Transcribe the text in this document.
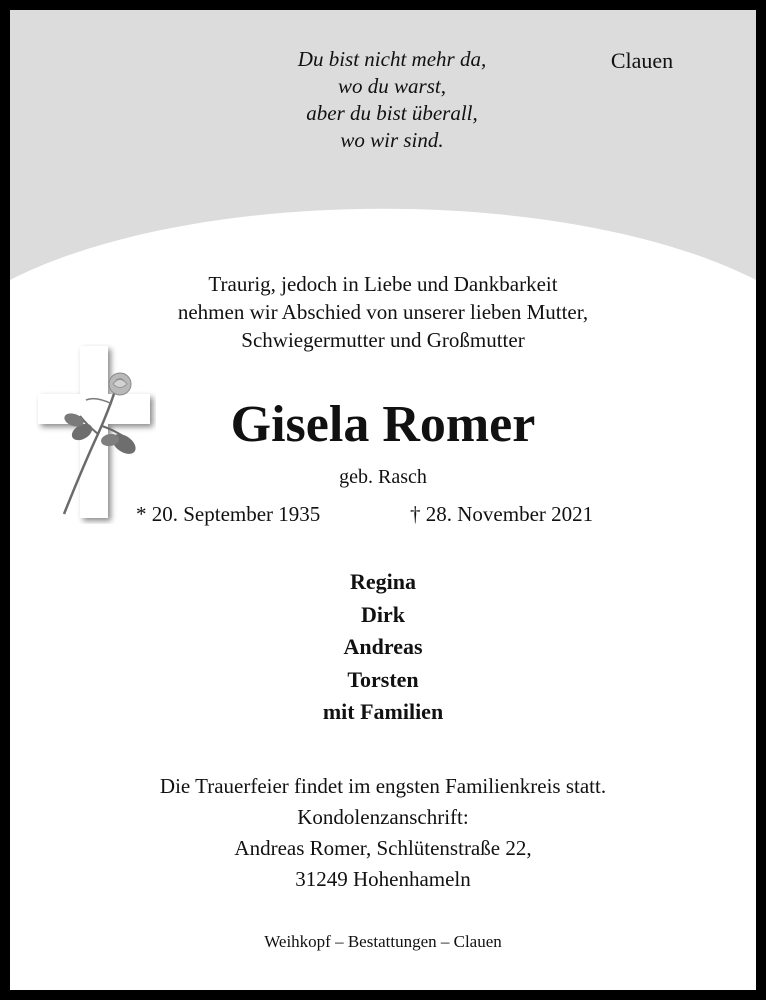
Du bist nicht mehr da,
wo du warst,
aber du bist überall,
wo wir sind.
Clauen
Traurig, jedoch in Liebe und Dankbarkeit
nehmen wir Abschied von unserer lieben Mutter,
Schwiegermutter und Großmutter
Gisela Romer
geb. Rasch
* 20. September 1935	† 28. November 2021
Regina
Dirk
Andreas
Torsten
mit Familien
Die Trauerfeier findet im engsten Familienkreis statt.
Kondolenzanschrift:
Andreas Romer, Schlütenstraße 22,
31249 Hohenhameln
Weihkopf – Bestattungen – Clauen
